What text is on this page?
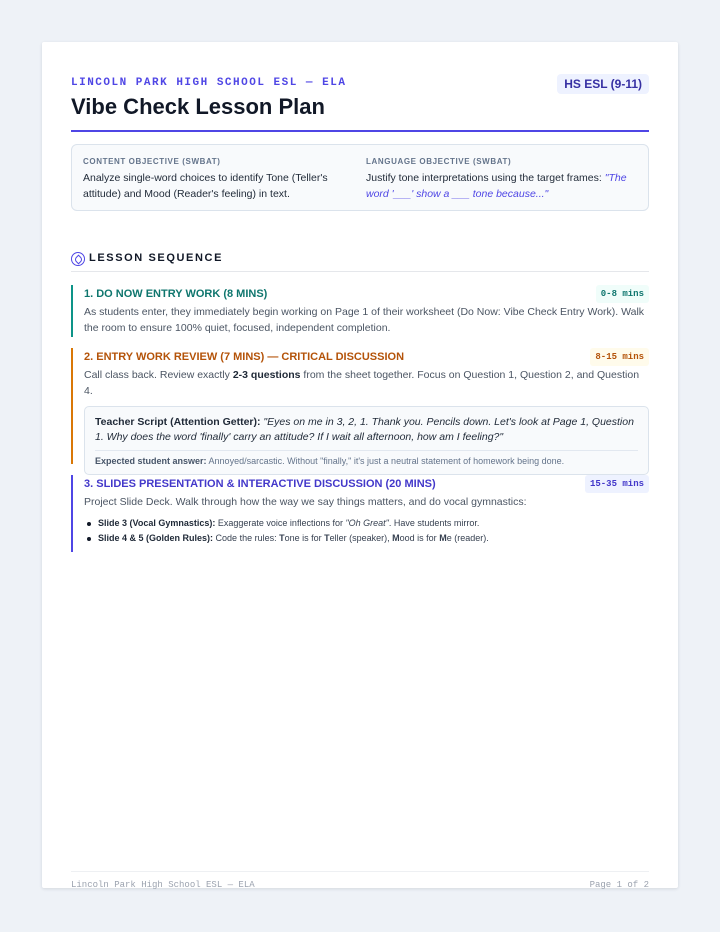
LINCOLN PARK HIGH SCHOOL ESL — ELA	HS ESL (9-11)
Vibe Check Lesson Plan
CONTENT OBJECTIVE (SWBAT)
Analyze single-word choices to identify Tone (Teller's attitude) and Mood (Reader's feeling) in text.
LANGUAGE OBJECTIVE (SWBAT)
Justify tone interpretations using the target frames: "The word '___' show a ___ tone because..."
LESSON SEQUENCE
1. DO NOW ENTRY WORK (8 MINS)	0-8 mins
As students enter, they immediately begin working on Page 1 of their worksheet (Do Now: Vibe Check Entry Work). Walk the room to ensure 100% quiet, focused, independent completion.
2. ENTRY WORK REVIEW (7 MINS) — CRITICAL DISCUSSION	8-15 mins
Call class back. Review exactly 2-3 questions from the sheet together. Focus on Question 1, Question 2, and Question 4.
Teacher Script (Attention Getter): "Eyes on me in 3, 2, 1. Thank you. Pencils down. Let's look at Page 1, Question 1. Why does the word 'finally' carry an attitude? If I wait all afternoon, how am I feeling?"
Expected student answer: Annoyed/sarcastic. Without "finally," it's just a neutral statement of homework being done.
3. SLIDES PRESENTATION & INTERACTIVE DISCUSSION (20 MINS)	15-35 mins
Project Slide Deck. Walk through how the way we say things matters, and do vocal gymnastics:
Slide 3 (Vocal Gymnastics): Exaggerate voice inflections for "Oh Great". Have students mirror.
Slide 4 & 5 (Golden Rules): Code the rules: Tone is for Teller (speaker), Mood is for Me (reader).
Lincoln Park High School ESL — ELA	Page 1 of 2
